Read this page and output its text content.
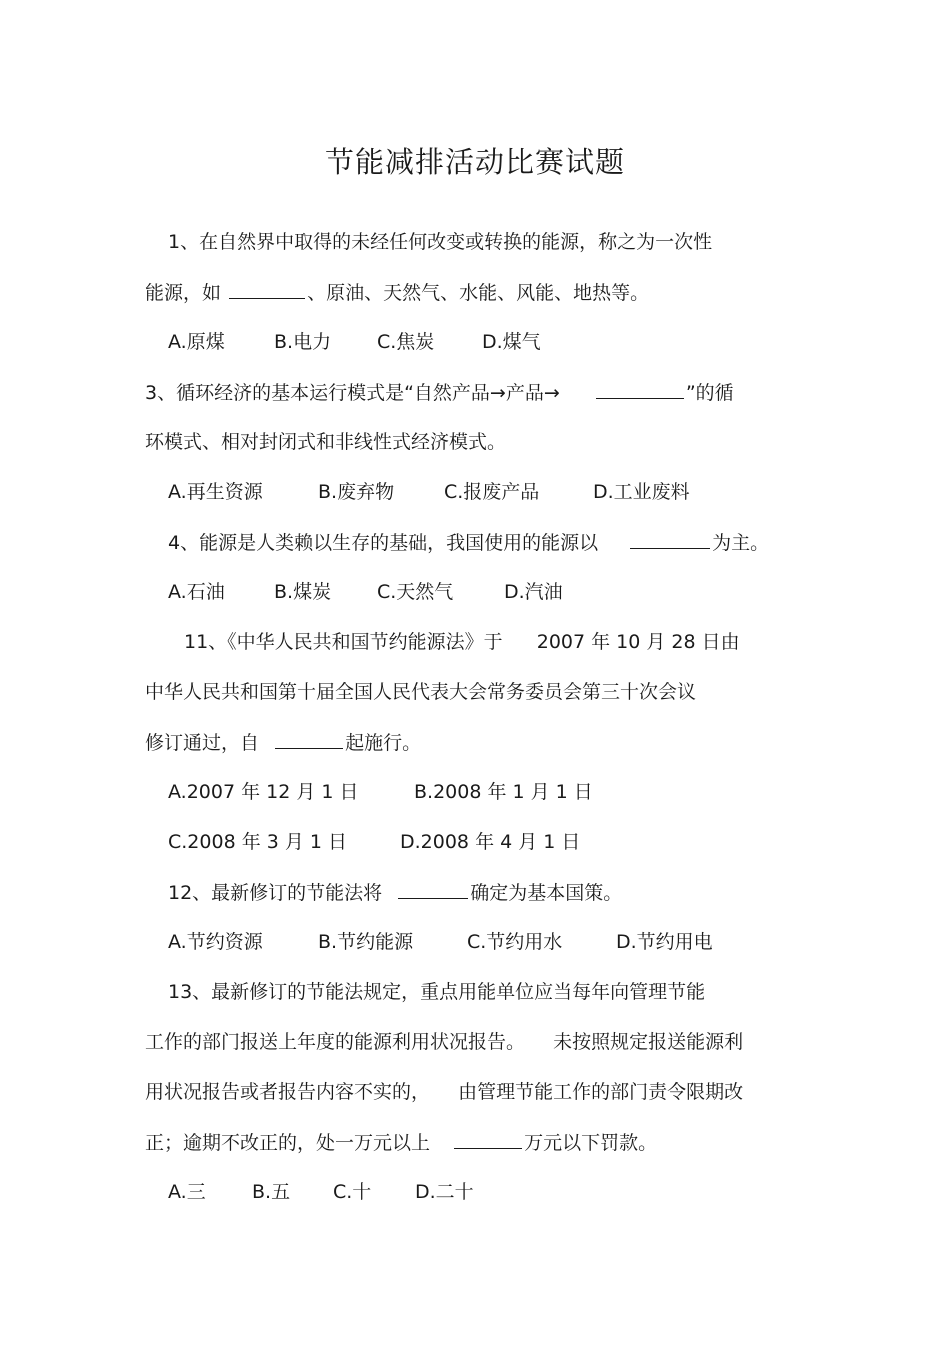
节能减排活动比赛试题
1、在自然界中取得的未经任何改变或转换的能源，称之为一次性
能源，如	、原油、天然气、水能、风能、地热等。
A.原煤	B.电力 C.焦炭	D.煤气
3、循环经济的基本运行模式是“自然产品→产品→	”的循
环模式、相对封闭式和非线性式经济模式。
A.再生资源	B.废弃物	C.报废产品	D.工业废料
4、能源是人类赖以生存的基础，我国使用的能源以	为主。
A.石油	B.煤炭 C.天然气	D.汽油
11、《中华人民共和国节约能源法》于 2007 年 10 月 28 日由
中华人民共和国第十届全国人民代表大会常务委员会第三十次会议
修订通过，自	起施行。
A.2007 年 12 月 1 日	B.2008 年 1 月 1 日
C.2008 年 3 月 1 日	D.2008 年 4 月 1 日
12、最新修订的节能法将	确定为基本国策。
A.节约资源	B.节约能源	C.节约用水	D.节约用电
13、最新修订的节能法规定，重点用能单位应当每年向管理节能
工作的部门报送上年度的能源利用状况报告。 未按照规定报送能源利
用状况报告或者报告内容不实的， 由管理节能工作的部门责令限期改
正；逾期不改正的，处一万元以上	万元以下罚款。
A.三 B.五 C.十 D.二十
